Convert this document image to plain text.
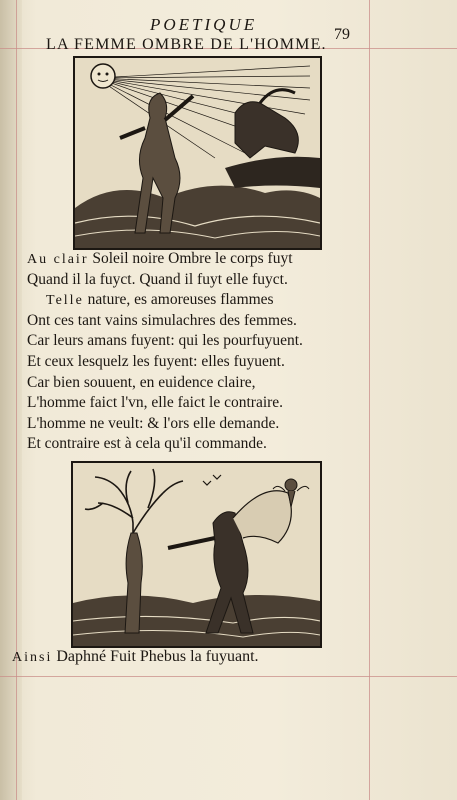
POETIQUE
79
LA FEMME OMBRE DE L'HOMME.
Au clair Soleil noire Ombre le corps fuyt
Quand il la fuyct. Quand il fuyt elle fuyct.
Telle nature, es amoreuses flammes
Ont ces tant vains simulachres des femmes.
Car leurs amans fuyent: qui les pourfuyuent.
Et ceux lesquelz les fuyent: elles fuyuent.
Car bien souuent, en euidence claire,
L'homme faict l'vn, elle faict le contraire.
L'homme ne veult: & l'ors elle demande.
Et contraire est à cela qu'il commande.
Ainsi Daphné Fuit Phebus la fuyuant.
